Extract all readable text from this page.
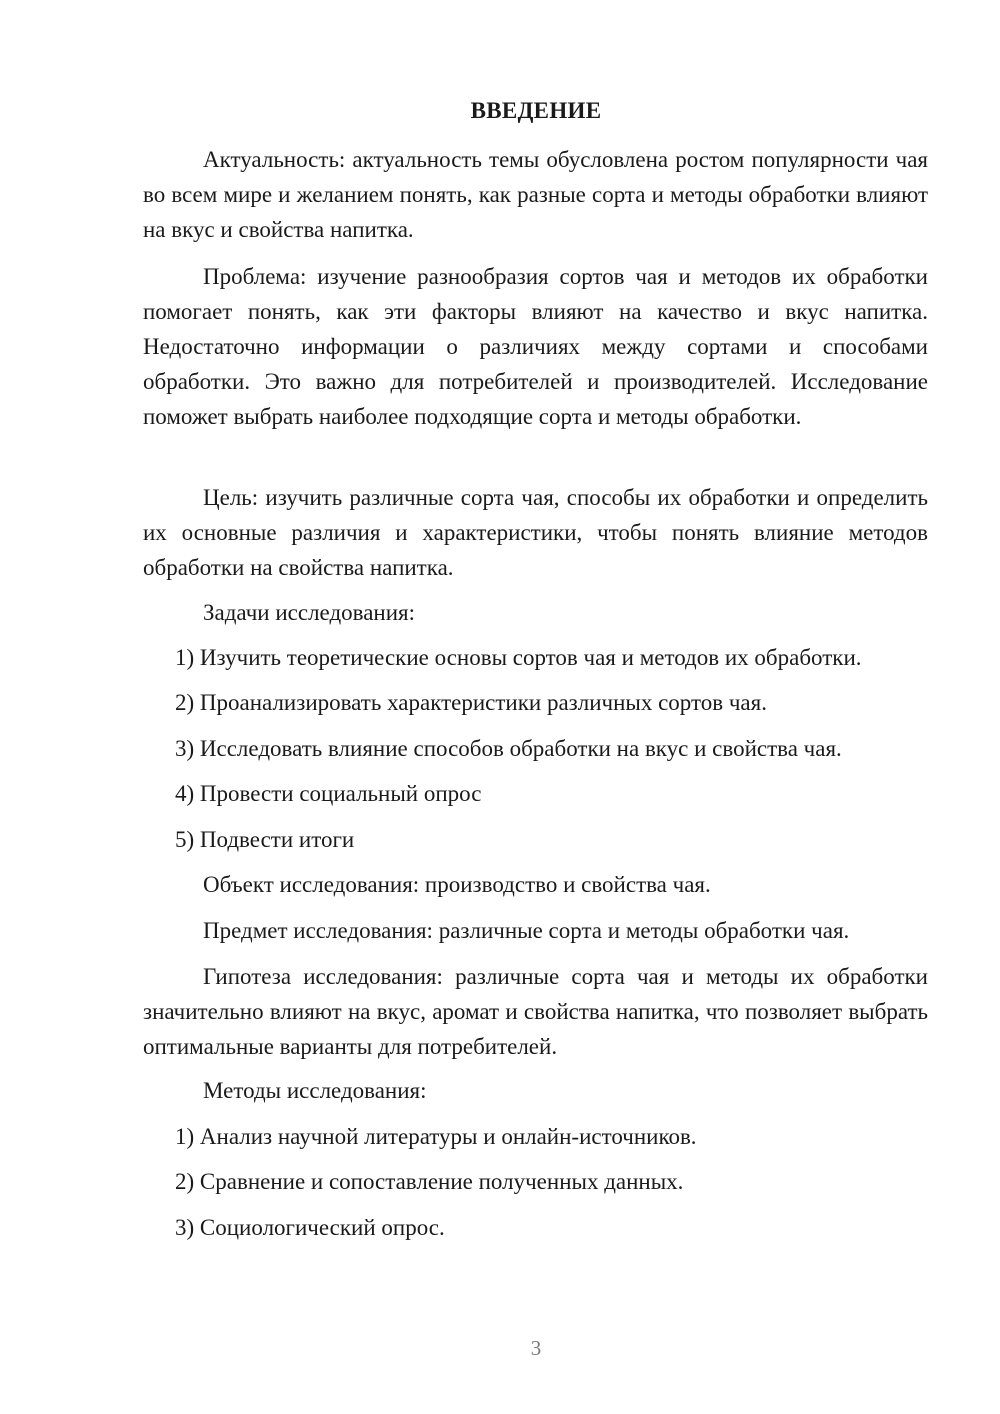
ВВЕДЕНИЕ

Актуальность: актуальность темы обусловлена ростом популярности чая во всем мире и желанием понять, как разные сорта и методы обработки влияют на вкус и свойства напитка.

Проблема: изучение разнообразия сортов чая и методов их обработки помогает понять, как эти факторы влияют на качество и вкус напитка. Недостаточно информации о различиях между сортами и способами обработки. Это важно для потребителей и производителей. Исследование поможет выбрать наиболее подходящие сорта и методы обработки.

Цель: изучить различные сорта чая, способы их обработки и определить их основные различия и характеристики, чтобы понять влияние методов обработки на свойства напитка.

Задачи исследования:

1) Изучить теоретические основы сортов чая и методов их обработки.

2) Проанализировать характеристики различных сортов чая.

3) Исследовать влияние способов обработки на вкус и свойства чая.

4) Провести социальный опрос

5) Подвести итоги

Объект исследования: производство и свойства чая.

Предмет исследования: различные сорта и методы обработки чая.

Гипотеза исследования: различные сорта чая и методы их обработки значительно влияют на вкус, аромат и свойства напитка, что позволяет выбрать оптимальные варианты для потребителей.

Методы исследования:

1) Анализ научной литературы и онлайн-источников.

2) Сравнение и сопоставление полученных данных.

3) Социологический опрос.

3
